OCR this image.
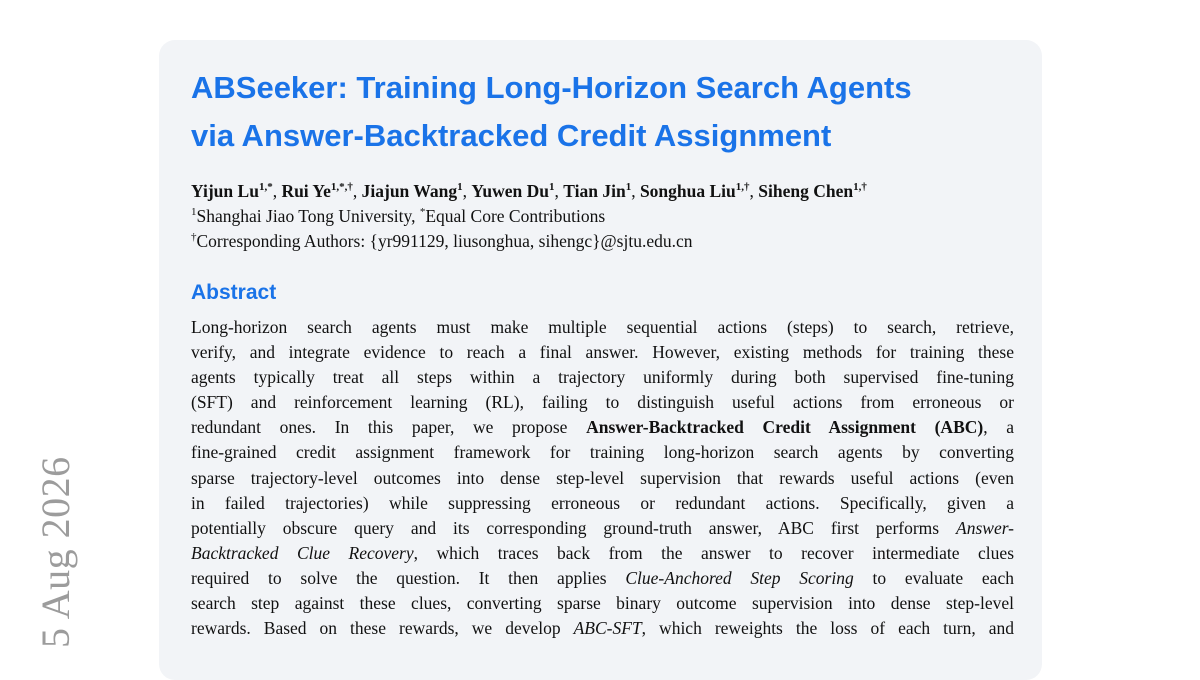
5 Aug 2026
ABSeeker: Training Long-Horizon Search Agents
via Answer-Backtracked Credit Assignment
Yijun $Lu^{1,*}$, Rui $Ye^{1,*,\dagger}$, Jiajun Wang$^1$, Yuwen Du$^1$, Tian Jin$^1$, Songhua Liu$^{1,\dagger}$, Siheng Chen$^{1,\dagger}$
$^1$Shanghai Jiao Tong University, *Equal Core Contributions
†Corresponding Authors: {yr991129, liusonghua, sihengc}@sjtu.edu.cn
Abstract
Long-horizon search agents must make multiple sequential actions (steps) to search, retrieve,
verify, and integrate evidence to reach a final answer. However, existing methods for training these
agents typically treat all steps within a trajectory uniformly during both supervised fine-tuning
(SFT) and reinforcement learning (RL), failing to distinguish useful actions from erroneous or
redundant ones. In this paper, we propose Answer-Backtracked Credit Assignment (ABC), a
fine-grained credit assignment framework for training long-horizon search agents by converting
sparse trajectory-level outcomes into dense step-level supervision that rewards useful actions (even
in failed trajectories) while suppressing erroneous or redundant actions. Specifically, given a
potentially obscure query and its corresponding ground-truth answer, ABC first performs Answer-
Backtracked Clue Recovery, which traces back from the answer to recover intermediate clues
required to solve the question. It then applies Clue-Anchored Step Scoring to evaluate each
search step against these clues, converting sparse binary outcome supervision into dense step-level
rewards. Based on these rewards, we develop ABC-SFT, which reweights the loss of each turn, and
